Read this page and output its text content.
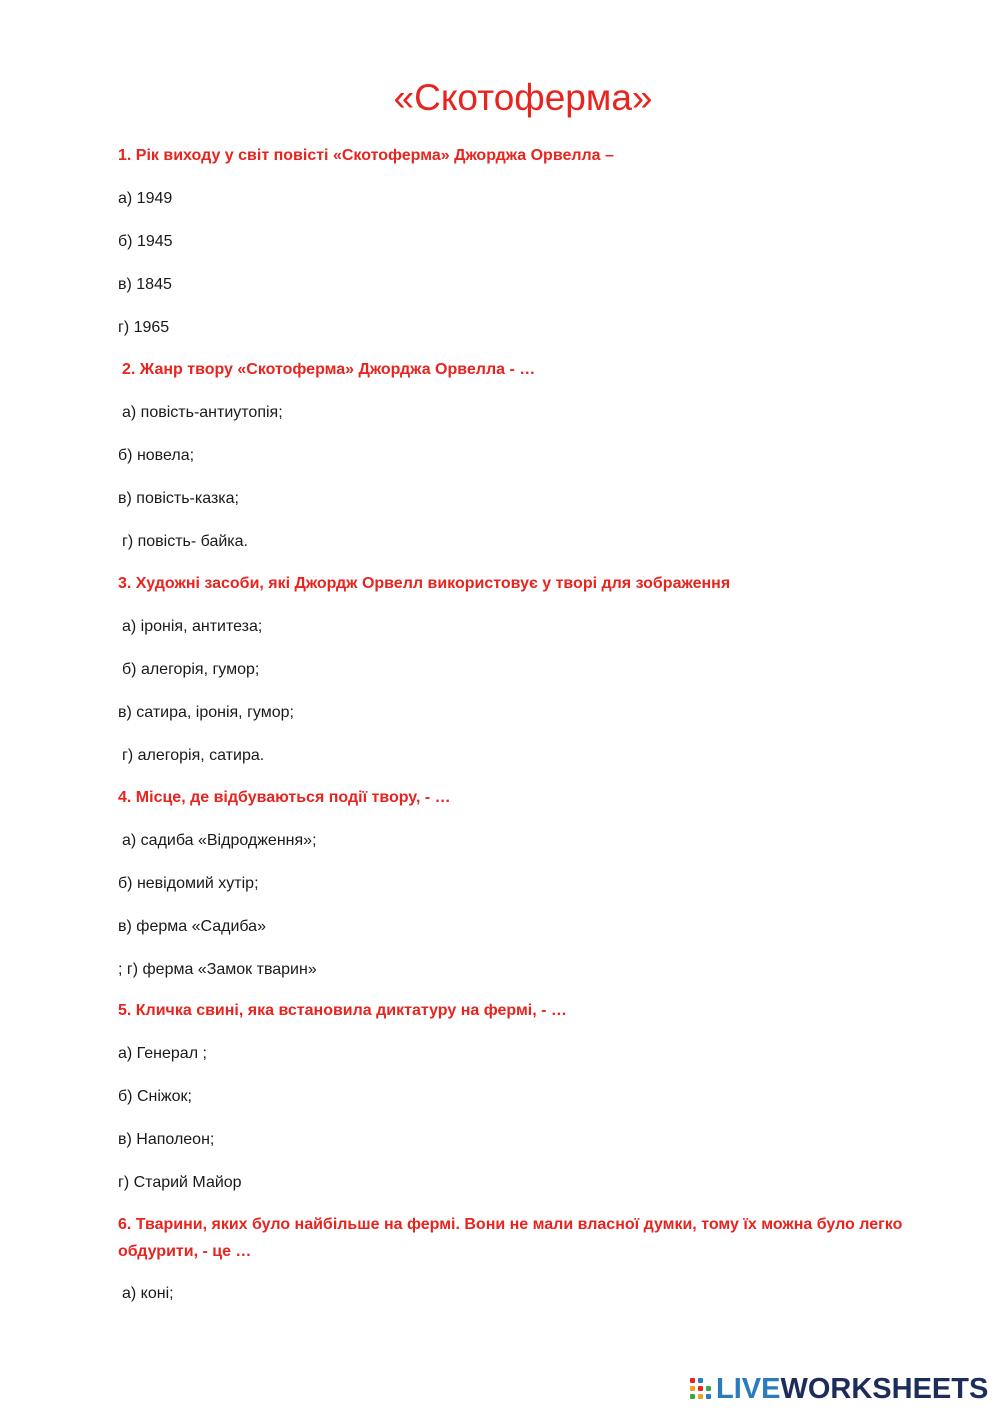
«Скотоферма»
1. Рік виходу у світ повісті «Скотоферма» Джорджа Орвелла –
а) 1949
б) 1945
в) 1845
г) 1965
2. Жанр твору «Скотоферма» Джорджа Орвелла - …
а) повість-антиутопія;
б) новела;
в) повість-казка;
г) повість- байка.
3. Художні засоби, які Джордж Орвелл використовує у творі для зображення
а) іронія, антитеза;
б) алегорія, гумор;
в) сатира, іронія, гумор;
г) алегорія, сатира.
4. Місце, де відбуваються події твору, - …
а) садиба «Відродження»;
б) невідомий хутір;
в) ферма «Садиба»
; г) ферма «Замок тварин»
5. Кличка свині, яка встановила диктатуру на фермі, - …
а) Генерал ;
б) Сніжок;
в) Наполеон;
г) Старий Майор
6. Тварини, яких було найбільше на фермі. Вони не мали власної думки, тому їх можна було легко обдурити, - це …
а) коні;
LIVEWORKSHEETS
